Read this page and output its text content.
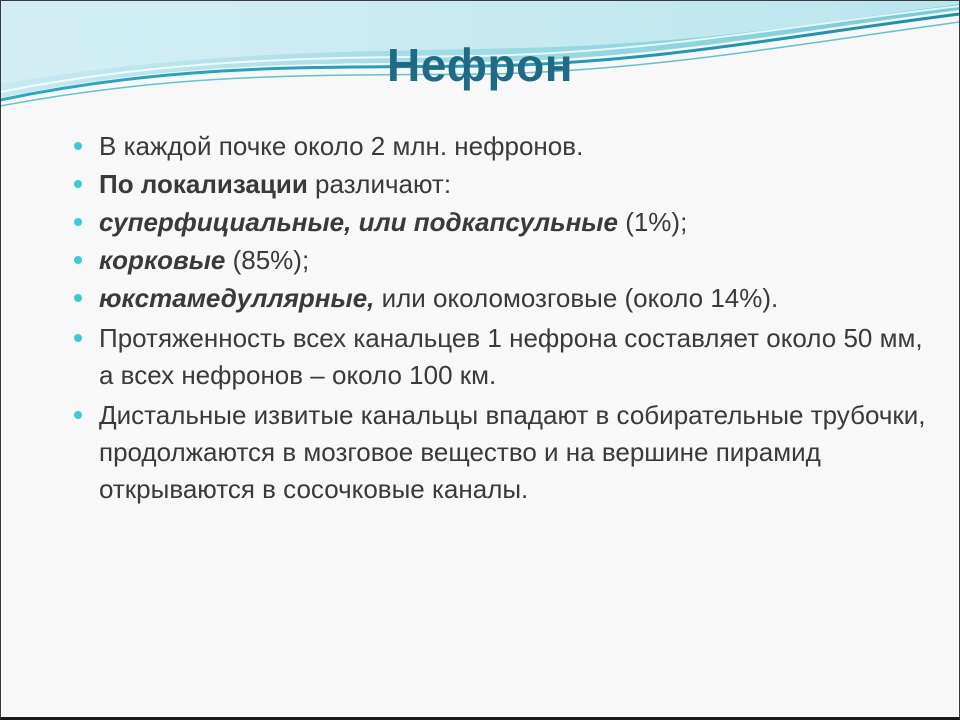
Нефрон
В каждой почке около 2 млн. нефронов.
По локализации различают:
суперфициальные, или подкапсульные (1%);
корковые (85%);
юкстамедуллярные, или околомозговые (около 14%).
Протяженность всех канальцев 1 нефрона составляет около 50 мм, а всех нефронов – около 100 км.
Дистальные извитые канальцы впадают в собирательные трубочки, продолжаются в мозговое вещество и на вершине пирамид открываются в сосочковые каналы.
